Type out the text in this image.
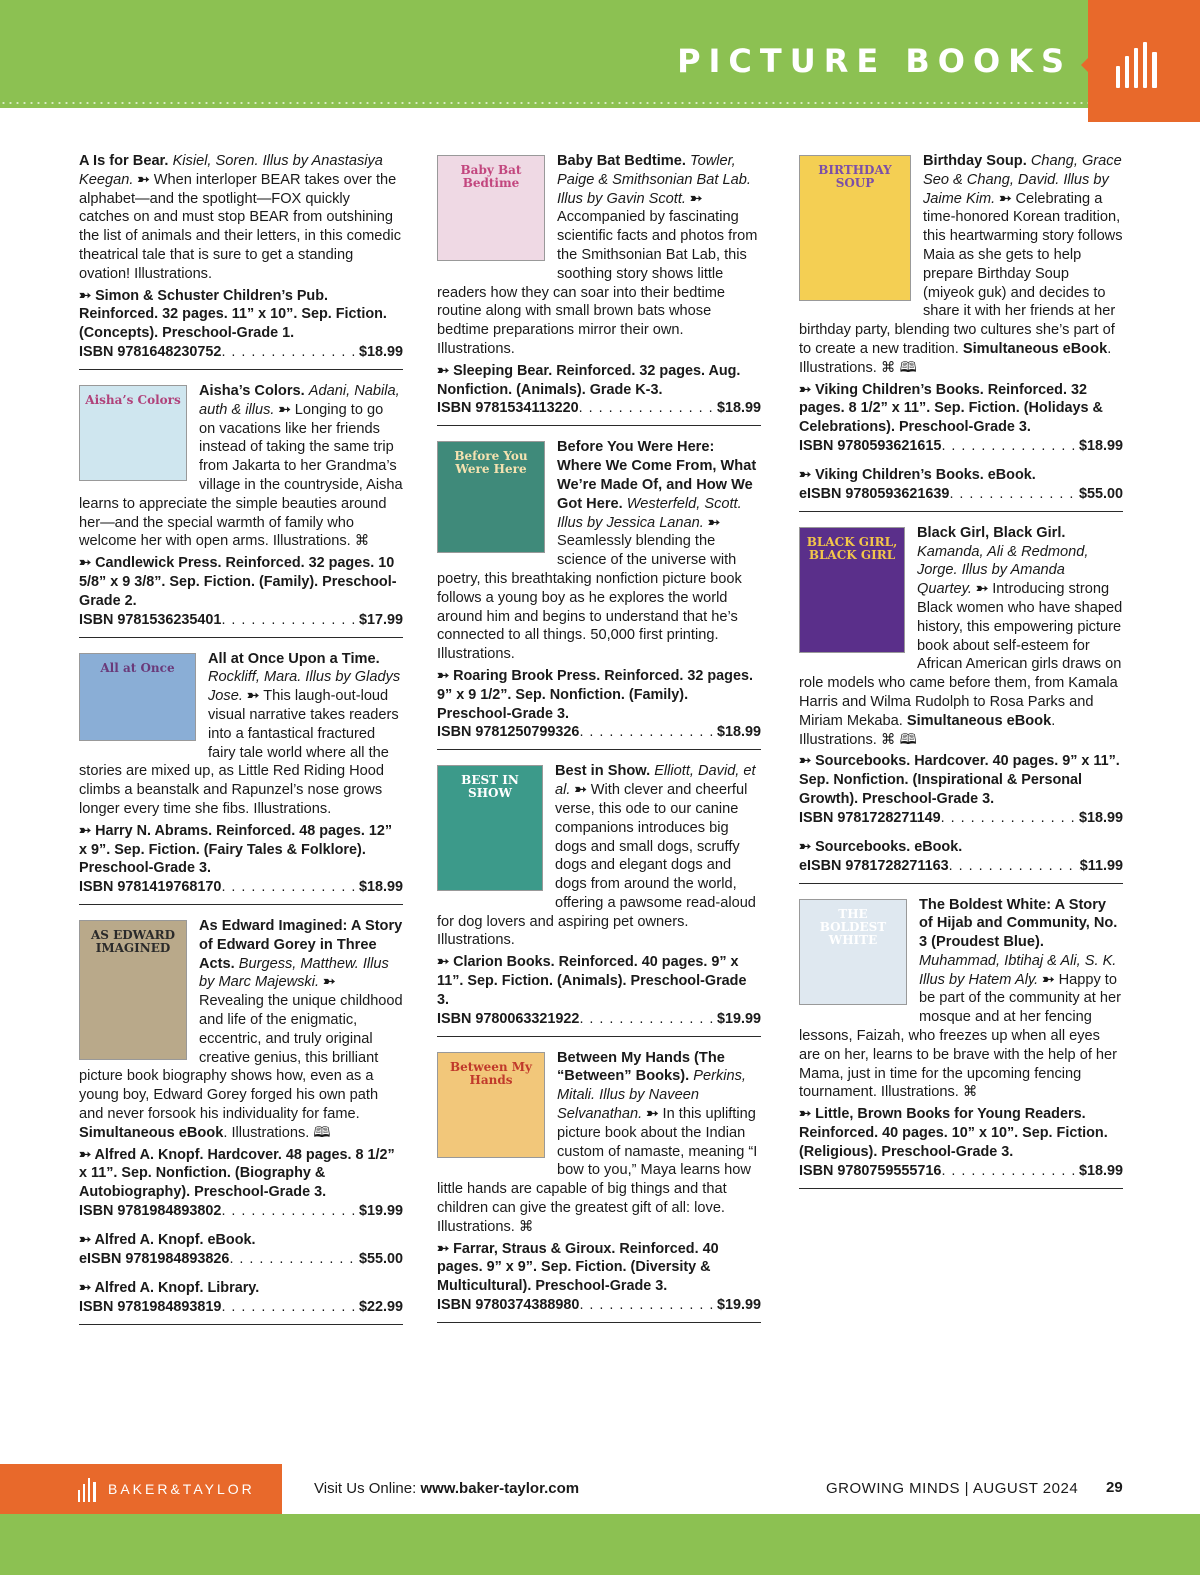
PICTURE BOOKS
A Is for Bear. Kisiel, Soren. Illus by Anastasiya Keegan. ➳ When interloper BEAR takes over the alphabet—and the spotlight—FOX quickly catches on and must stop BEAR from outshining the list of animals and their letters, in this comedic theatrical tale that is sure to get a standing ovation! Illustrations.
➳ Simon & Schuster Children’s Pub. Reinforced. 32 pages. 11” x 10”. Sep. Fiction. (Concepts). Preschool-Grade 1.
ISBN 9781648230752 . . .	$18.99
Aisha’s Colors
Aisha’s Colors. Adani, Nabila, auth & illus. ➳ Longing to go on vacations like her friends instead of taking the same trip from Jakarta to her Grandma’s village in the countryside, Aisha learns to appreciate the simple beauties around her—and the special warmth of family who welcome her with open arms. Illustrations. ⌘
➳ Candlewick Press. Reinforced. 32 pages. 10 5/8” x 9 3/8”. Sep. Fiction. (Family). Preschool-Grade 2.
ISBN 9781536235401 . . .	$17.99
All at Once
All at Once Upon a Time. Rockliff, Mara. Illus by Gladys Jose. ➳ This laugh-out-loud visual narrative takes readers into a fantastical fractured fairy tale world where all the stories are mixed up, as Little Red Riding Hood climbs a beanstalk and Rapunzel’s nose grows longer every time she fibs. Illustrations.
➳ Harry N. Abrams. Reinforced. 48 pages. 12” x 9”. Sep. Fiction. (Fairy Tales & Folklore). Preschool-Grade 3.
ISBN 9781419768170 . . .	$18.99
AS EDWARD IMAGINED
As Edward Imagined: A Story of Edward Gorey in Three Acts. Burgess, Matthew. Illus by Marc Majewski. ➳ Revealing the unique childhood and life of the enigmatic, eccentric, and truly original creative genius, this brilliant picture book biography shows how, even as a young boy, Edward Gorey forged his own path and never forsook his individuality for fame. Simultaneous eBook. Illustrations. 🕮
➳ Alfred A. Knopf. Hardcover. 48 pages. 8 1/2” x 11”. Sep. Nonfiction. (Biography & Autobiography). Preschool-Grade 3.
ISBN 9781984893802 . . .	$19.99
➳ Alfred A. Knopf. eBook.
eISBN 9781984893826 . . .	$55.00
➳ Alfred A. Knopf. Library.
ISBN 9781984893819 . . .	$22.99
Baby Bat Bedtime
Baby Bat Bedtime. Towler, Paige & Smithsonian Bat Lab. Illus by Gavin Scott. ➳ Accompanied by fascinating scientific facts and photos from the Smithsonian Bat Lab, this soothing story shows little readers how they can soar into their bedtime routine along with small brown bats whose bedtime preparations mirror their own. Illustrations.
➳ Sleeping Bear. Reinforced. 32 pages. Aug. Nonfiction. (Animals). Grade K-3.
ISBN 9781534113220 . . .	$18.99
Before You Were Here
Before You Were Here: Where We Come From, What We’re Made Of, and How We Got Here. Westerfeld, Scott. Illus by Jessica Lanan. ➳ Seamlessly blending the science of the universe with poetry, this breathtaking nonfiction picture book follows a young boy as he explores the world around him and begins to understand that he’s connected to all things. 50,000 first printing. Illustrations.
➳ Roaring Brook Press. Reinforced. 32 pages. 9” x 9 1/2”. Sep. Nonfiction. (Family). Preschool-Grade 3.
ISBN 9781250799326 . . .	$18.99
BEST IN SHOW
Best in Show. Elliott, David, et al. ➳ With clever and cheerful verse, this ode to our canine companions introduces big dogs and small dogs, scruffy dogs and elegant dogs and dogs from around the world, offering a pawsome read-aloud for dog lovers and aspiring pet owners. Illustrations.
➳ Clarion Books. Reinforced. 40 pages. 9” x 11”. Sep. Fiction. (Animals). Preschool-Grade 3.
ISBN 9780063321922 . . .	$19.99
Between My Hands
Between My Hands (The “Between” Books). Perkins, Mitali. Illus by Naveen Selvanathan. ➳ In this uplifting picture book about the Indian custom of namaste, meaning “I bow to you,” Maya learns how little hands are capable of big things and that children can give the greatest gift of all: love. Illustrations. ⌘
➳ Farrar, Straus & Giroux. Reinforced. 40 pages. 9” x 9”. Sep. Fiction. (Diversity & Multicultural). Preschool-Grade 3.
ISBN 9780374388980 . . .	$19.99
BIRTHDAY SOUP
Birthday Soup. Chang, Grace Seo & Chang, David. Illus by Jaime Kim. ➳ Celebrating a time-honored Korean tradition, this heartwarming story follows Maia as she gets to help prepare Birthday Soup (miyeok guk) and decides to share it with her friends at her birthday party, blending two cultures she’s part of to create a new tradition. Simultaneous eBook. Illustrations. ⌘ 🕮
➳ Viking Children’s Books. Reinforced. 32 pages. 8 1/2” x 11”. Sep. Fiction. (Holidays & Celebrations). Preschool-Grade 3.
ISBN 9780593621615 . . .	$18.99
➳ Viking Children’s Books. eBook.
eISBN 9780593621639 . . .	$55.00
BLACK GIRL, BLACK GIRL
Black Girl, Black Girl. Kamanda, Ali & Redmond, Jorge. Illus by Amanda Quartey. ➳ Introducing strong Black women who have shaped history, this empowering picture book about self-esteem for African American girls draws on role models who came before them, from Kamala Harris and Wilma Rudolph to Rosa Parks and Miriam Mekaba. Simultaneous eBook. Illustrations. ⌘ 🕮
➳ Sourcebooks. Hardcover. 40 pages. 9” x 11”. Sep. Nonfiction. (Inspirational & Personal Growth). Preschool-Grade 3.
ISBN 9781728271149 . . .	$18.99
➳ Sourcebooks. eBook.
eISBN 9781728271163 . . .	$11.99
THE BOLDEST WHITE
The Boldest White: A Story of Hijab and Community, No. 3 (Proudest Blue). Muhammad, Ibtihaj & Ali, S. K. Illus by Hatem Aly. ➳ Happy to be part of the community at her mosque and at her fencing lessons, Faizah, who freezes up when all eyes are on her, learns to be brave with the help of her Mama, just in time for the upcoming fencing tournament. Illustrations. ⌘
➳ Little, Brown Books for Young Readers. Reinforced. 40 pages. 10” x 10”. Sep. Fiction. (Religious). Preschool-Grade 3.
ISBN 9780759555716 . . .	$18.99
BAKER&TAYLOR	Visit Us Online: www.baker-taylor.com	GROWING MINDS | AUGUST 2024 29
